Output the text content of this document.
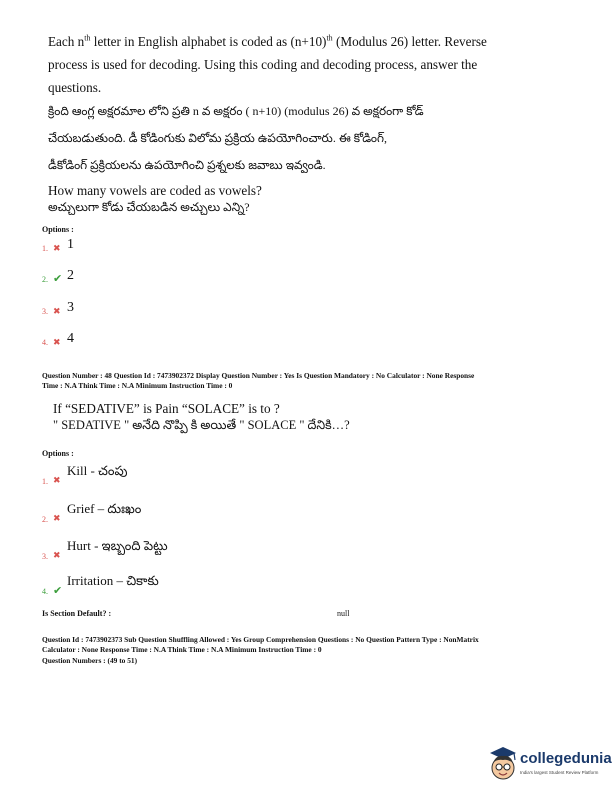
Each $n^{th}$ letter in English alphabet is coded as $(n+10)^{th}$ (Modulus 26) letter. Reverse
process is used for decoding. Using this coding and decoding process, answer the
questions.
క్రింది ఆంగ్ల అక్షరమాల లోని ప్రతి n వ అక్షరం ( n+10) (modulus 26) వ అక్షరంగా కోడ్
చేయబడుతుంది. డీ కోడింగుకు విలోమ ప్రక్రియ ఉపయోగించారు. ఈ కోడింగ్,
డీకోడింగ్ ప్రక్రియలను ఉపయోగించి ప్రశ్నలకు జవాబు ఇవ్వండి.
How many vowels are coded as vowels?
అచ్చులుగా కోడు చేయబడిన అచ్చులు ఎన్ని?
Options :
1. ✖ 1
2. ✔ 2
3. ✖ 3
4. ✖ 4
Question Number : 48 Question Id : 7473902372 Display Question Number : Yes Is Question Mandatory : No Calculator : None Response
Time : N.A Think Time : N.A Minimum Instruction Time : 0
If “SEDATIVE” is Pain “SOLACE” is to ?
" SEDATIVE " అనేది నొప్పి కి అయితే " SOLACE " దేనికి…?
Options :
1. ✖
Kill - చంపు
2. ✖
Grief – దుఃఖం
3. ✖
Hurt - ఇబ్బంది పెట్టు
4. ✔
Irritation – చికాకు
Is Section Default? :	null
Question Id : 7473902373 Sub Question Shuffling Allowed : Yes Group Comprehension Questions : No Question Pattern Type : NonMatrix
Calculator : None Response Time : N.A Think Time : N.A Minimum Instruction Time : 0
Question Numbers : (49 to 51)
collegedunia
India's largest Student Review Platform
